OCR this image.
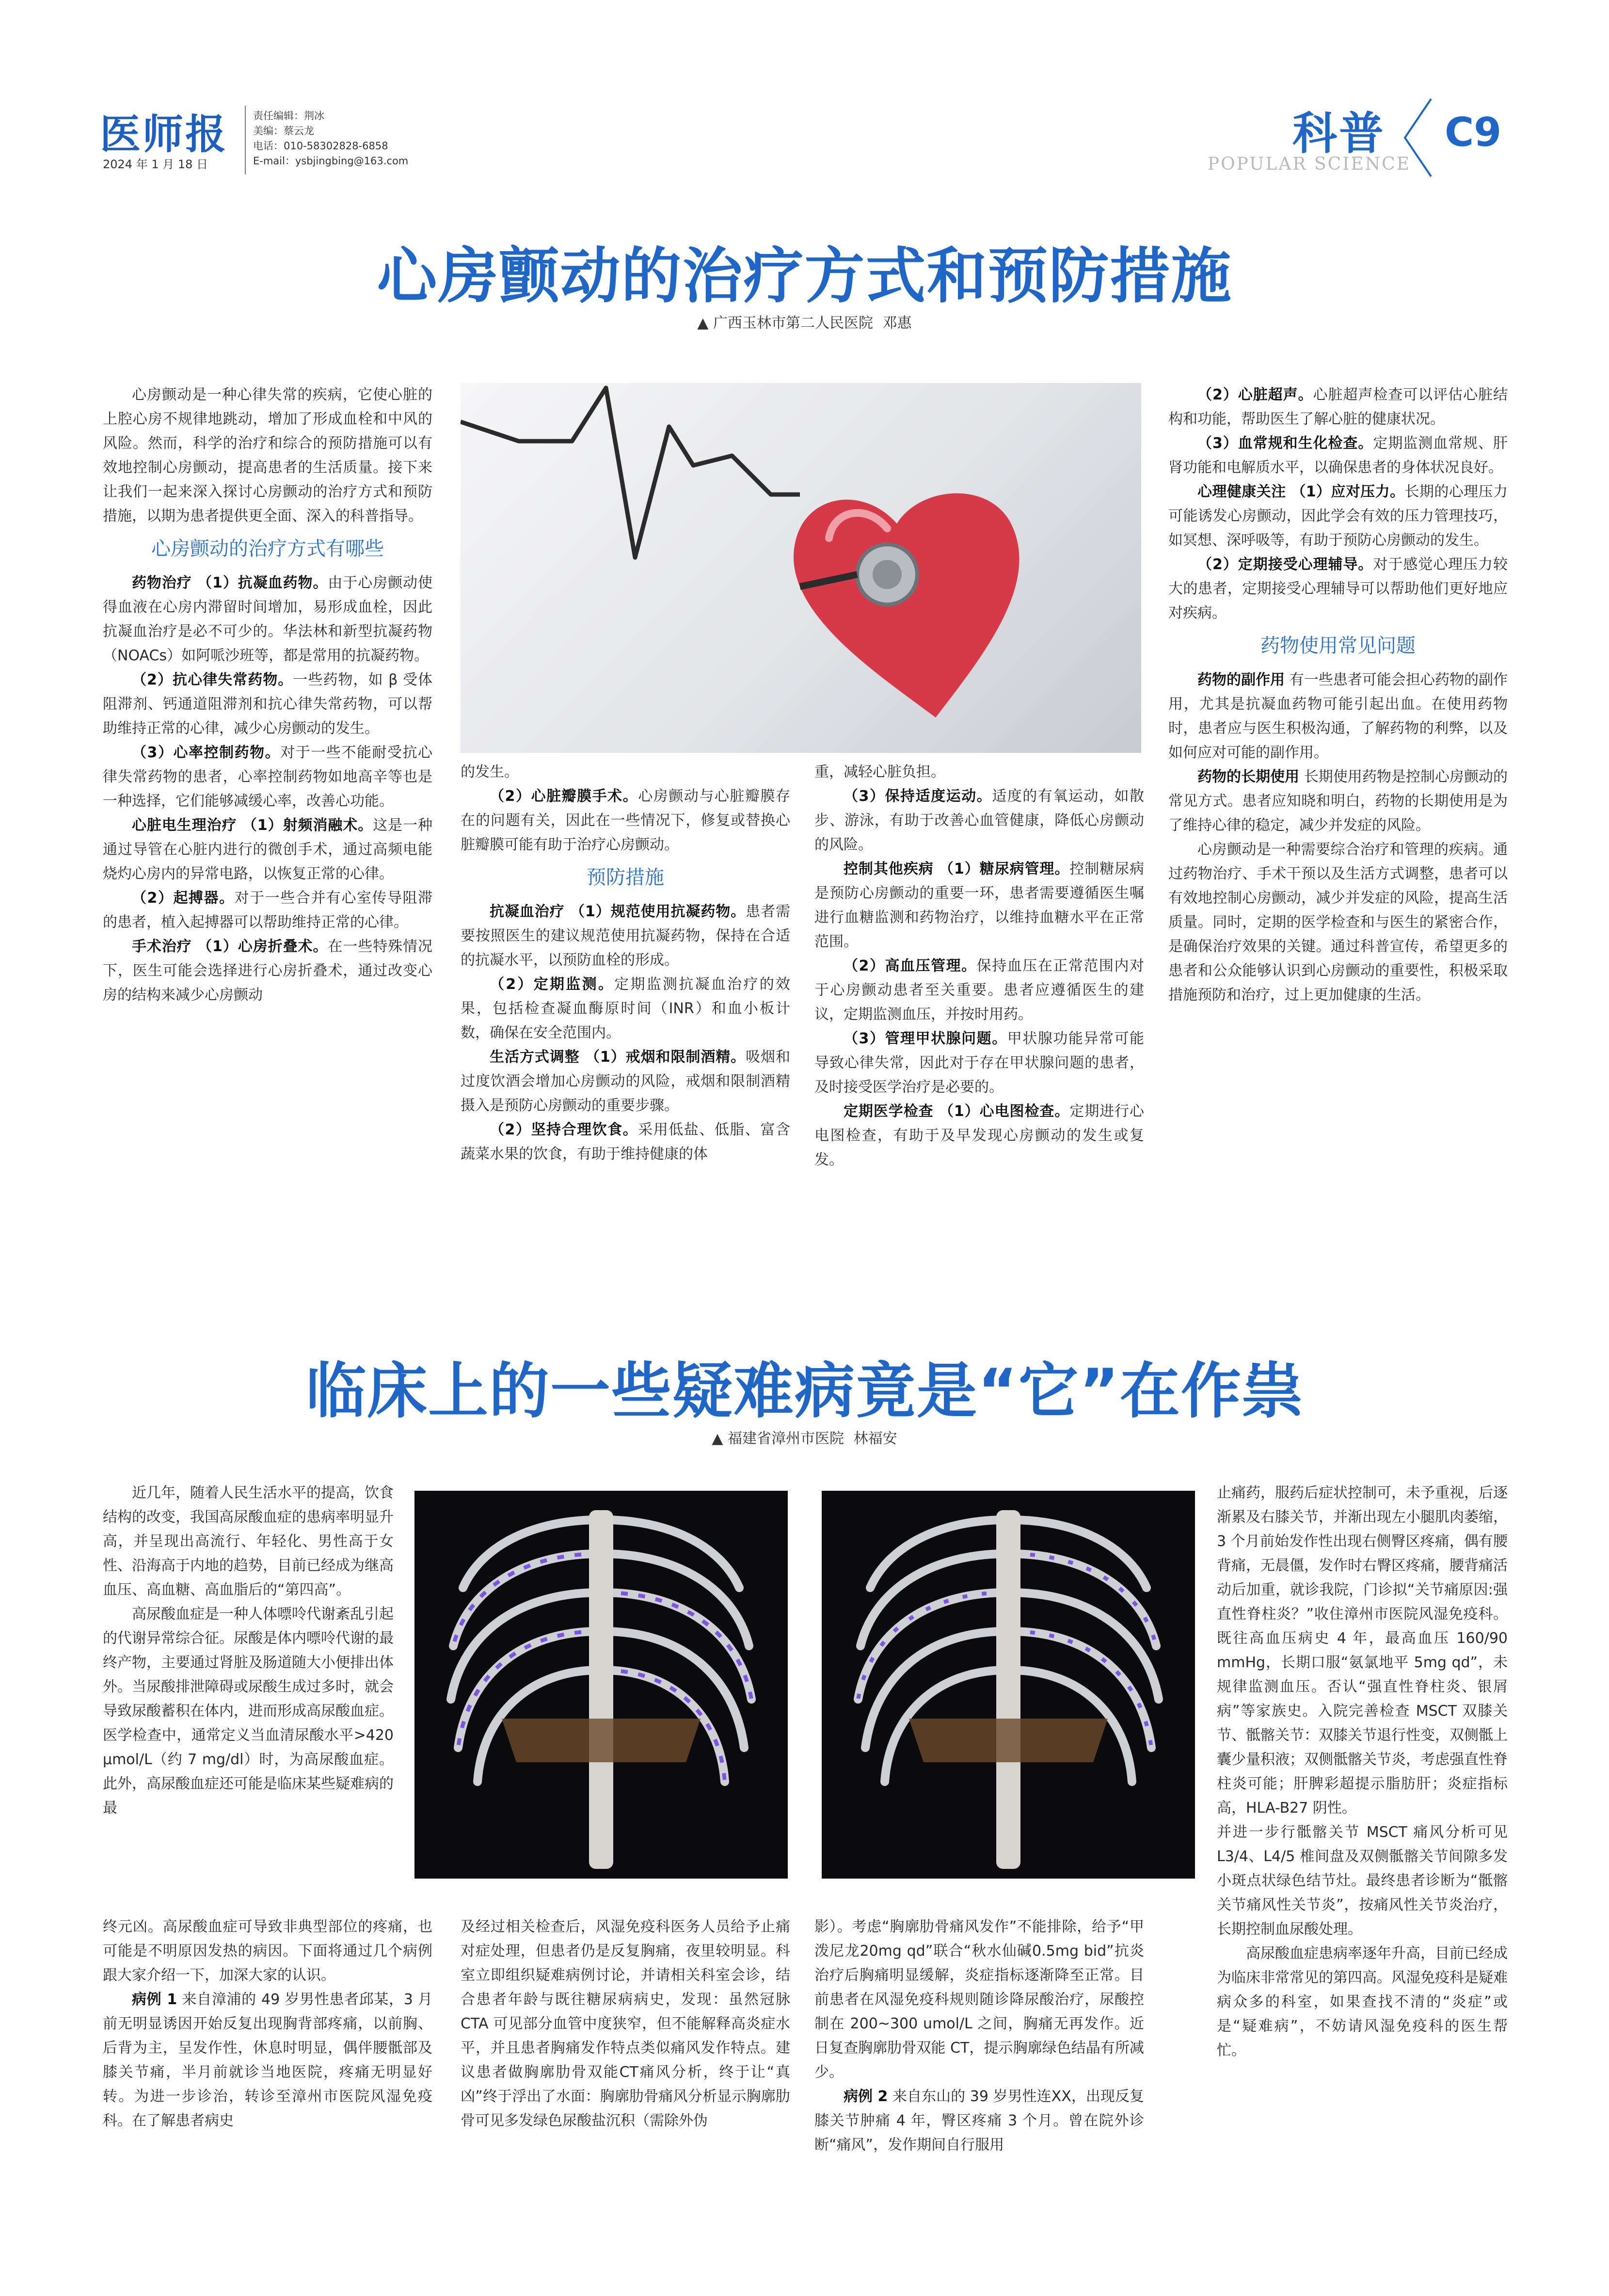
医师报
2024 年 1 月 18 日
责任编辑：荆冰
美编：蔡云龙
电话：010-58302828-6858
E-mail：ysbjingbing@163.com
科普
POPULAR SCIENCE
C9
心房颤动的治疗方式和预防措施
▲ 广西玉林市第二人民医院 邓惠

心房颤动是一种心律失常的疾病，它使心脏的上腔心房不规律地跳动，增加了形成血栓和中风的风险。然而，科学的治疗和综合的预防措施可以有效地控制心房颤动，提高患者的生活质量。接下来让我们一起来深入探讨心房颤动的治疗方式和预防措施，以期为患者提供更全面、深入的科普指导。

心房颤动的治疗方式有哪些

药物治疗 （1）抗凝血药物。由于心房颤动使得血液在心房内滞留时间增加，易形成血栓，因此抗凝血治疗是必不可少的。华法林和新型抗凝药物（NOACs）如阿哌沙班等，都是常用的抗凝药物。

（2）抗心律失常药物。一些药物，如 β 受体阻滞剂、钙通道阻滞剂和抗心律失常药物，可以帮助维持正常的心律，减少心房颤动的发生。

（3）心率控制药物。对于一些不能耐受抗心律失常药物的患者，心率控制药物如地高辛等也是一种选择，它们能够减缓心率，改善心功能。

心脏电生理治疗 （1）射频消融术。这是一种通过导管在心脏内进行的微创手术，通过高频电能烧灼心房内的异常电路，以恢复正常的心律。

（2）起搏器。对于一些合并有心室传导阻滞的患者，植入起搏器可以帮助维持正常的心律。

手术治疗 （1）心房折叠术。在一些特殊情况下，医生可能会选择进行心房折叠术，通过改变心房的结构来减少心房颤动

的发生。

（2）心脏瓣膜手术。心房颤动与心脏瓣膜存在的问题有关，因此在一些情况下，修复或替换心脏瓣膜可能有助于治疗心房颤动。

预防措施

抗凝血治疗 （1）规范使用抗凝药物。患者需要按照医生的建议规范使用抗凝药物，保持在合适的抗凝水平，以预防血栓的形成。

（2）定期监测。定期监测抗凝血治疗的效果，包括检查凝血酶原时间（INR）和血小板计数，确保在安全范围内。

生活方式调整 （1）戒烟和限制酒精。吸烟和过度饮酒会增加心房颤动的风险，戒烟和限制酒精摄入是预防心房颤动的重要步骤。

（2）坚持合理饮食。采用低盐、低脂、富含蔬菜水果的饮食，有助于维持健康的体

重，减轻心脏负担。

（3）保持适度运动。适度的有氧运动，如散步、游泳，有助于改善心血管健康，降低心房颤动的风险。

控制其他疾病 （1）糖尿病管理。控制糖尿病是预防心房颤动的重要一环，患者需要遵循医生嘱进行血糖监测和药物治疗，以维持血糖水平在正常范围。

（2）高血压管理。保持血压在正常范围内对于心房颤动患者至关重要。患者应遵循医生的建议，定期监测血压，并按时用药。

（3）管理甲状腺问题。甲状腺功能异常可能导致心律失常，因此对于存在甲状腺问题的患者，及时接受医学治疗是必要的。

定期医学检查 （1）心电图检查。定期进行心电图检查，有助于及早发现心房颤动的发生或复发。

（2）心脏超声。心脏超声检查可以评估心脏结构和功能，帮助医生了解心脏的健康状况。

（3）血常规和生化检查。定期监测血常规、肝肾功能和电解质水平，以确保患者的身体状况良好。

心理健康关注 （1）应对压力。长期的心理压力可能诱发心房颤动，因此学会有效的压力管理技巧，如冥想、深呼吸等，有助于预防心房颤动的发生。

（2）定期接受心理辅导。对于感觉心理压力较大的患者，定期接受心理辅导可以帮助他们更好地应对疾病。

药物使用常见问题

药物的副作用 有一些患者可能会担心药物的副作用，尤其是抗凝血药物可能引起出血。在使用药物时，患者应与医生积极沟通，了解药物的利弊，以及如何应对可能的副作用。

药物的长期使用 长期使用药物是控制心房颤动的常见方式。患者应知晓和明白，药物的长期使用是为了维持心律的稳定，减少并发症的风险。

心房颤动是一种需要综合治疗和管理的疾病。通过药物治疗、手术干预以及生活方式调整，患者可以有效地控制心房颤动，减少并发症的风险，提高生活质量。同时，定期的医学检查和与医生的紧密合作，是确保治疗效果的关键。通过科普宣传，希望更多的患者和公众能够认识到心房颤动的重要性，积极采取措施预防和治疗，过上更加健康的生活。

临床上的一些疑难病竟是“它”在作祟
▲ 福建省漳州市医院 林福安

近几年，随着人民生活水平的提高，饮食结构的改变，我国高尿酸血症的患病率明显升高，并呈现出高流行、年轻化、男性高于女性、沿海高于内地的趋势，目前已经成为继高血压、高血糖、高血脂后的“第四高”。

高尿酸血症是一种人体嘌呤代谢紊乱引起的代谢异常综合征。尿酸是体内嘌呤代谢的最终产物，主要通过肾脏及肠道随大小便排出体外。当尿酸排泄障碍或尿酸生成过多时，就会导致尿酸蓄积在体内，进而形成高尿酸血症。医学检查中，通常定义当血清尿酸水平>420 μmol/L（约 7 mg/dl）时，为高尿酸血症。此外，高尿酸血症还可能是临床某些疑难病的最

终元凶。高尿酸血症可导致非典型部位的疼痛，也可能是不明原因发热的病因。下面将通过几个病例跟大家介绍一下，加深大家的认识。

病例 1 来自漳浦的 49 岁男性患者邱某，3 月前无明显诱因开始反复出现胸背部疼痛，以前胸、后背为主，呈发作性，休息时明显，偶伴腰骶部及膝关节痛，半月前就诊当地医院，疼痛无明显好转。为进一步诊治，转诊至漳州市医院风湿免疫科。在了解患者病史

及经过相关检查后，风湿免疫科医务人员给予止痛对症处理，但患者仍是反复胸痛，夜里较明显。科室立即组织疑难病例讨论，并请相关科室会诊，结合患者年龄与既往糖尿病病史，发现：虽然冠脉 CTA 可见部分血管中度狭窄，但不能解释高炎症水平，并且患者胸痛发作特点类似痛风发作特点。建议患者做胸廓肋骨双能CT痛风分析，终于让“真凶”终于浮出了水面：胸廓肋骨痛风分析显示胸廓肋骨可见多发绿色尿酸盐沉积（需除外伪

影）。考虑“胸廓肋骨痛风发作”不能排除，给予“甲泼尼龙20mg qd”联合“秋水仙碱0.5mg bid”抗炎治疗后胸痛明显缓解，炎症指标逐渐降至正常。目前患者在风湿免疫科规则随诊降尿酸治疗，尿酸控制在 200~300 umol/L 之间，胸痛无再发作。近日复查胸廓肋骨双能 CT，提示胸廓绿色结晶有所减少。

病例 2 来自东山的 39 岁男性连XX，出现反复膝关节肿痛 4 年，臀区疼痛 3 个月。曾在院外诊断“痛风”，发作期间自行服用

止痛药，服药后症状控制可，未予重视，后逐渐累及右膝关节，并渐出现左小腿肌肉萎缩，3 个月前始发作性出现右侧臀区疼痛，偶有腰背痛，无晨僵，发作时右臀区疼痛，腰背痛活动后加重，就诊我院，门诊拟“关节痛原因:强直性脊柱炎？”收住漳州市医院风湿免疫科。既往高血压病史 4 年，最高血压 160/90 mmHg，长期口服“氨氯地平 5mg qd”，未规律监测血压。否认“强直性脊柱炎、银屑病”等家族史。入院完善检查 MSCT 双膝关节、骶髂关节：双膝关节退行性变，双侧骶上囊少量积液；双侧骶髂关节炎，考虑强直性脊柱炎可能；肝脾彩超提示脂肪肝；炎症指标高，HLA-B27 阴性。

并进一步行骶髂关节 MSCT 痛风分析可见 L3/4、L4/5 椎间盘及双侧骶髂关节间隙多发小斑点状绿色结节灶。最终患者诊断为“骶髂关节痛风性关节炎”，按痛风性关节炎治疗，长期控制血尿酸处理。

高尿酸血症患病率逐年升高，目前已经成为临床非常常见的第四高。风湿免疫科是疑难病众多的科室，如果查找不清的“炎症”或是“疑难病”，不妨请风湿免疫科的医生帮忙。
